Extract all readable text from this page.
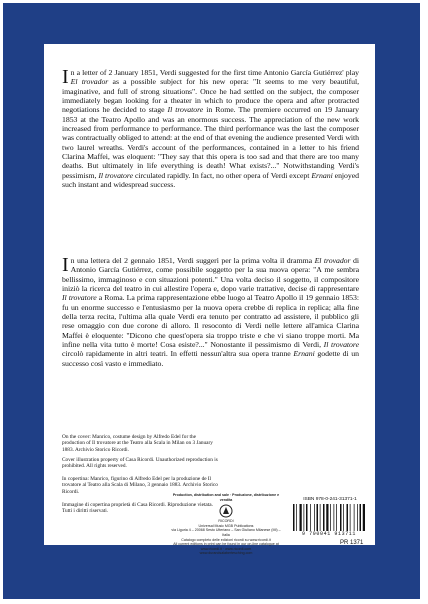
In a letter of 2 January 1851, Verdi suggested for the first time Antonio García Gutiérrez' play El trovador as a possible subject for his new opera: "It seems to me very beautiful, imaginative, and full of strong situations". Once he had settled on the subject, the composer immediately began looking for a theater in which to produce the opera and after protracted negotiations he decided to stage Il trovatore in Rome. The premiere occurred on 19 January 1853 at the Teatro Apollo and was an enormous success. The appreciation of the new work increased from performance to performance. The third performance was the last the composer was contractually obliged to attend: at the end of that evening the audience presented Verdi with two laurel wreaths. Verdi's account of the performances, contained in a letter to his friend Clarina Maffei, was eloquent: "They say that this opera is too sad and that there are too many deaths. But ultimately in life everything is death! What exists?..." Notwithstanding Verdi's pessimism, Il trovatore circulated rapidly. In fact, no other opera of Verdi except Ernani enjoyed such instant and widespread success.

In una lettera del 2 gennaio 1851, Verdi suggerì per la prima volta il dramma El trovador di Antonio García Gutiérrez, come possibile soggetto per la sua nuova opera: "A me sembra bellissimo, immaginoso e con situazioni potenti." Una volta deciso il soggetto, il compositore iniziò la ricerca del teatro in cui allestire l'opera e, dopo varie trattative, decise di rappresentare Il trovatore a Roma. La prima rappresentazione ebbe luogo al Teatro Apollo il 19 gennaio 1853: fu un enorme successo e l'entusiasmo per la nuova opera crebbe di replica in replica; alla fine della terza recita, l'ultima alla quale Verdi era tenuto per contratto ad assistere, il pubblico gli rese omaggio con due corone di alloro. Il resoconto di Verdi nelle lettere all'amica Clarina Maffei è eloquente: "Dicono che quest'opera sia troppo triste e che vi siano troppe morti. Ma infine nella vita tutto è morte! Cosa esiste?..." Nonostante il pessimismo di Verdi, Il trovatore circolò rapidamente in altri teatri. In effetti nessun'altra sua opera tranne Ernani godette di un successo così vasto e immediato.

On the cover: Manrico, costume design by Alfredo Edel for the production of Il trovatore at the Teatro alla Scala in Milan on 3 January 1883. Archivio Storico Ricordi.

Cover illustration property of Casa Ricordi. Unauthorized reproduction is prohibited. All rights reserved.

In copertina: Manrico, figurino di Alfredo Edel per la produzione de Il trovatore al Teatro alla Scala di Milano, 3 gennaio 1883. Archivio Storico Ricordi.

Immagine di copertina proprietà di Casa Ricordi. Riproduzione vietata. Tutti i diritti riservati.

Production, distribution and sale · Produzione, distribuzione e vendita
RICORDI
Universal Music MGB Publications
via Liguria 4 – 20068 Sesto Ulteriano – San Giuliano Milanese (MI) – Italia
Catalogo completo delle edizioni ricordi su www.ricordi.it
All current editions in print can be found in our on-line catalogue at
www.ricordi.it · www.ricordi.com
www.durandsalabertesching.com
ISBN 978-0-241-31371-1
9 790041 913711
PR 1371
